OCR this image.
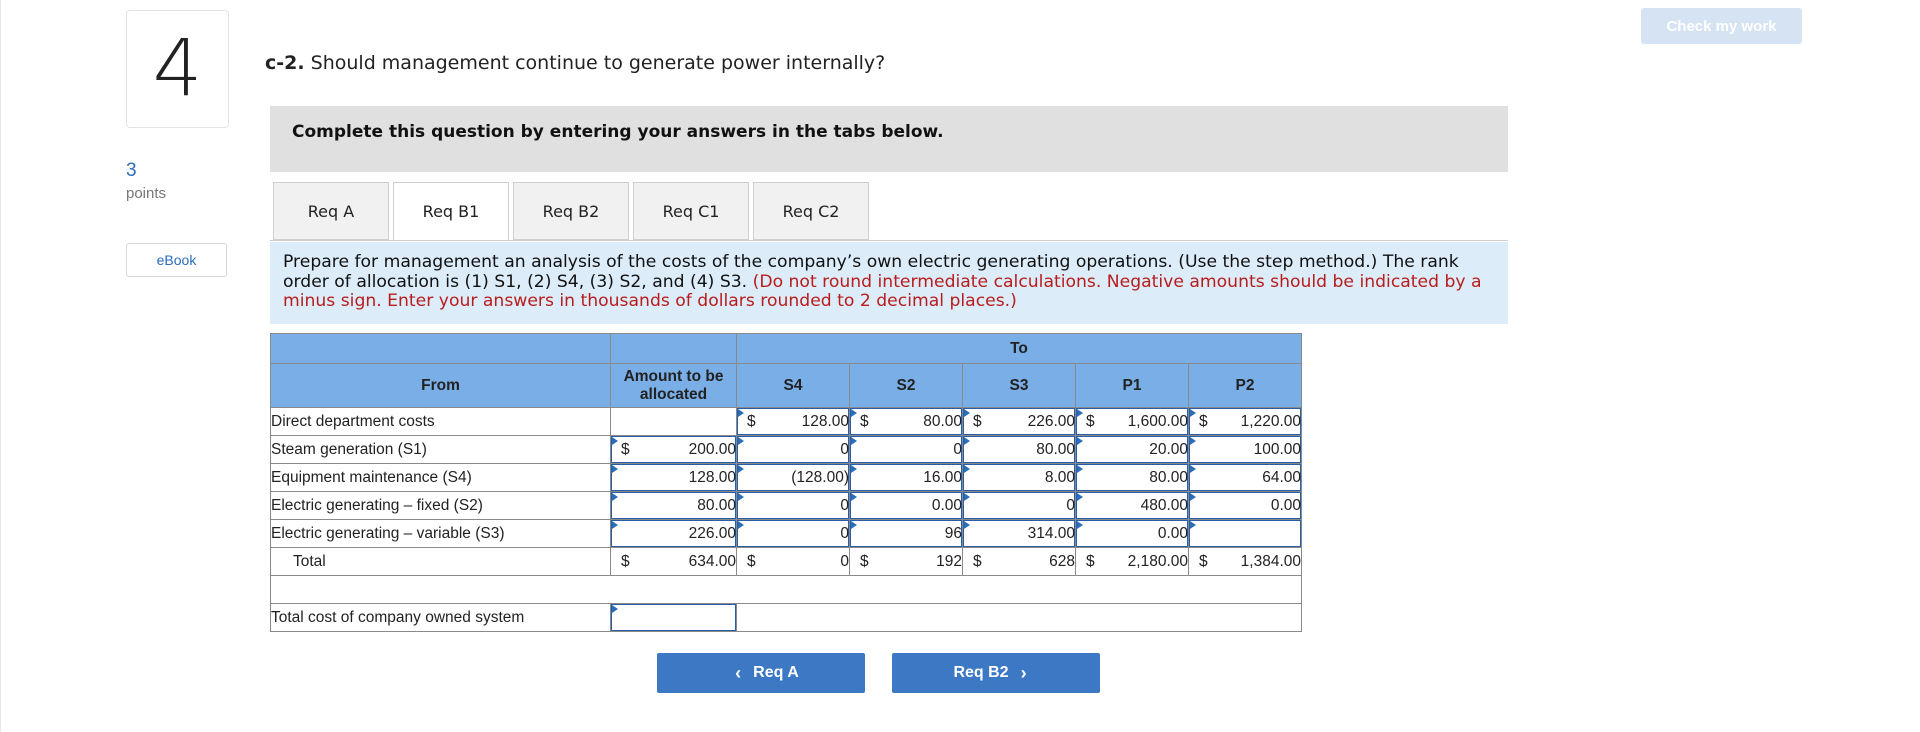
4
3
points
eBook
Check my work
c-2. Should management continue to generate power internally?
Complete this question by entering your answers in the tabs below.
Req A	Req B1	Req B2	Req C1	Req C2
Prepare for management an analysis of the costs of the company’s own electric generating operations. (Use the step method.) The rank order of allocation is (1) S1, (2) S4, (3) S2, and (4) S3. (Do not round intermediate calculations. Negative amounts should be indicated by a minus sign. Enter your answers in thousands of dollars rounded to 2 decimal places.)
		To				
From	Amount to be allocated	S4	S2	S3	P1	P2
Direct department costs		$ 128.00	$ 80.00	$ 226.00	$ 1,600.00	$ 1,220.00
Steam generation (S1)	$ 200.00	0	0	80.00	20.00	100.00
Equipment maintenance (S4)	128.00	(128.00)	16.00	8.00	80.00	64.00
Electric generating – fixed (S2)	80.00	0	0.00	0	480.00	0.00
Electric generating – variable (S3)	226.00	0	96	314.00	0.00	
Total	$ 634.00	$ 0	$ 192	$ 628	$ 2,180.00	$ 1,384.00

Total cost of company owned system						
‹ Req A	Req B2 ›
